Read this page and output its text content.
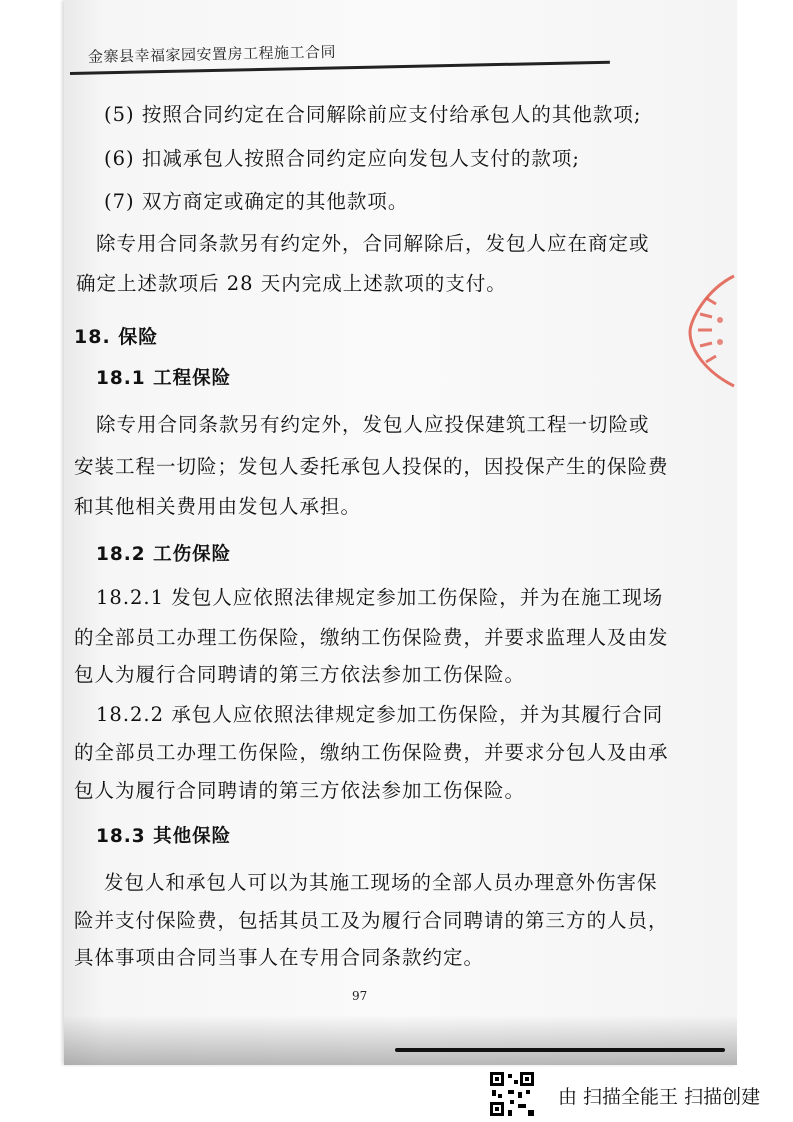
金寨县幸福家园安置房工程施工合同
(5) 按照合同约定在合同解除前应支付给承包人的其他款项;
(6) 扣减承包人按照合同约定应向发包人支付的款项;
(7) 双方商定或确定的其他款项。
除专用合同条款另有约定外，合同解除后，发包人应在商定或
确定上述款项后 28 天内完成上述款项的支付。
18. 保险
18.1 工程保险
除专用合同条款另有约定外，发包人应投保建筑工程一切险或
安装工程一切险；发包人委托承包人投保的，因投保产生的保险费
和其他相关费用由发包人承担。
18.2 工伤保险
18.2.1 发包人应依照法律规定参加工伤保险，并为在施工现场
的全部员工办理工伤保险，缴纳工伤保险费，并要求监理人及由发
包人为履行合同聘请的第三方依法参加工伤保险。
18.2.2 承包人应依照法律规定参加工伤保险，并为其履行合同
的全部员工办理工伤保险，缴纳工伤保险费，并要求分包人及由承
包人为履行合同聘请的第三方依法参加工伤保险。
18.3 其他保险
发包人和承包人可以为其施工现场的全部人员办理意外伤害保
险并支付保险费，包括其员工及为履行合同聘请的第三方的人员，
具体事项由合同当事人在专用合同条款约定。
97
由 扫描全能王 扫描创建
